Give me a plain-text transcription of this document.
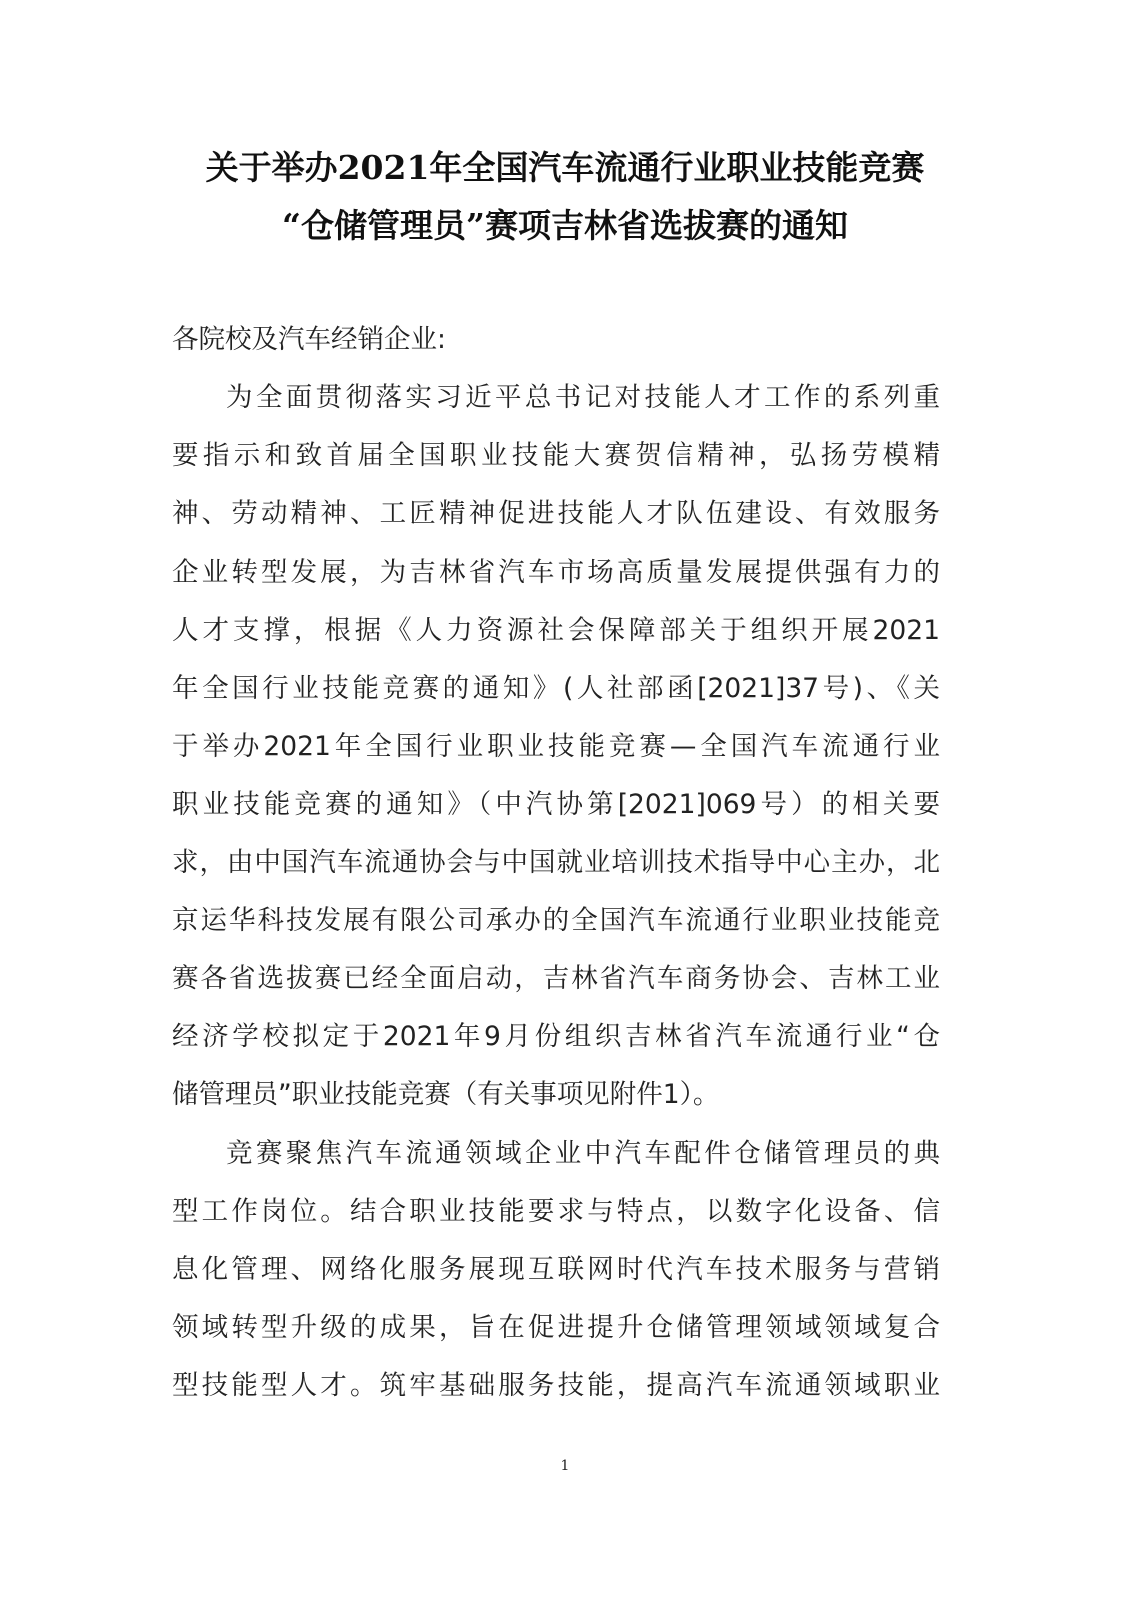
关于举办2021年全国汽车流通行业职业技能竞赛
“仓储管理员”赛项吉林省选拔赛的通知
各院校及汽车经销企业:
为全面贯彻落实习近平总书记对技能人才工作的系列重
要指示和致首届全国职业技能大赛贺信精神，弘扬劳模精
神、劳动精神、工匠精神促进技能人才队伍建设、有效服务
企业转型发展，为吉林省汽车市场高质量发展提供强有力的
人才支撑，根据《人力资源社会保障部关于组织开展2021
年全国行业技能竞赛的通知》(人社部函[2021]37号)、《关
于举办2021年全国行业职业技能竞赛—全国汽车流通行业
职业技能竞赛的通知》（中汽协第[2021]069号）的相关要
求，由中国汽车流通协会与中国就业培训技术指导中心主办，北
京运华科技发展有限公司承办的全国汽车流通行业职业技能竞
赛各省选拔赛已经全面启动，吉林省汽车商务协会、吉林工业
经济学校拟定于2021年9月份组织吉林省汽车流通行业“仓
储管理员”职业技能竞赛（有关事项见附件1）。
竞赛聚焦汽车流通领域企业中汽车配件仓储管理员的典
型工作岗位。结合职业技能要求与特点，以数字化设备、信
息化管理、网络化服务展现互联网时代汽车技术服务与营销
领域转型升级的成果，旨在促进提升仓储管理领域领域复合
型技能型人才。筑牢基础服务技能，提高汽车流通领域职业
1
